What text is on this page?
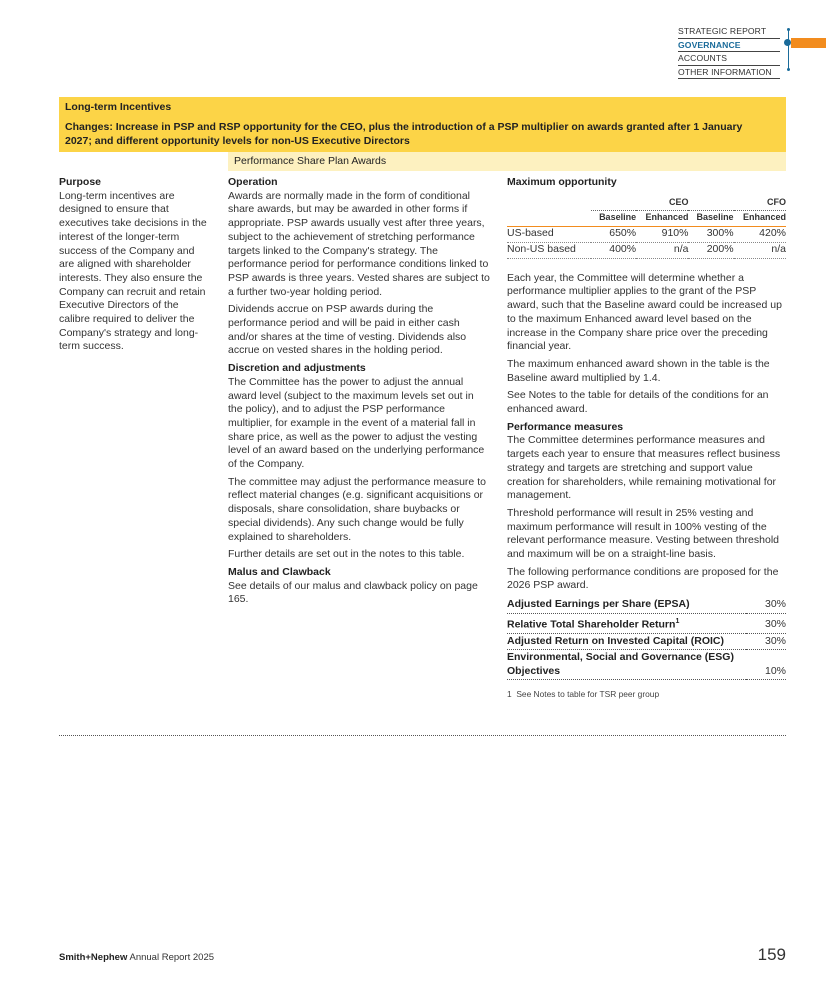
STRATEGIC REPORT
GOVERNANCE
ACCOUNTS
OTHER INFORMATION
Long-term Incentives
Changes: Increase in PSP and RSP opportunity for the CEO, plus the introduction of a PSP multiplier on awards granted after 1 January 2027; and different opportunity levels for non-US Executive Directors
Performance Share Plan Awards
Purpose

Long-term incentives are designed to ensure that executives take decisions in the interest of the longer-term success of the Company and are aligned with shareholder interests. They also ensure the Company can recruit and retain Executive Directors of the calibre required to deliver the Company's strategy and long-term success.

Operation

Awards are normally made in the form of conditional share awards, but may be awarded in other forms if appropriate. PSP awards usually vest after three years, subject to the achievement of stretching performance targets linked to the Company's strategy. The performance period for performance conditions linked to PSP awards is three years. Vested shares are subject to a further two-year holding period.

Dividends accrue on PSP awards during the performance period and will be paid in either cash and/or shares at the time of vesting. Dividends also accrue on vested shares in the holding period.

Discretion and adjustments

The Committee has the power to adjust the annual award level (subject to the maximum levels set out in the policy), and to adjust the PSP performance multiplier, for example in the event of a material fall in share price, as well as the power to adjust the vesting level of an award based on the underlying performance of the Company.

The committee may adjust the performance measure to reflect material changes (e.g. significant acquisitions or disposals, share consolidation, share buybacks or special dividends). Any such change would be fully explained to shareholders.

Further details are set out in the notes to this table.

Malus and Clawback

See details of our malus and clawback policy on page 165.

Maximum opportunity
	CEO		CFO	
	Baseline	Enhanced	Baseline	Enhanced
US-based	650%	910%	300%	420%
Non-US based	400%	n/a	200%	n/a

Each year, the Committee will determine whether a performance multiplier applies to the grant of the PSP award, such that the Baseline award could be increased up to the maximum Enhanced award level based on the increase in the Company share price over the preceding financial year.

The maximum enhanced award shown in the table is the Baseline award multiplied by 1.4.

See Notes to the table for details of the conditions for an enhanced award.

Performance measures

The Committee determines performance measures and targets each year to ensure that measures reflect business strategy and targets are stretching and support value creation for shareholders, while remaining motivational for management.

Threshold performance will result in 25% vesting and maximum performance will result in 100% vesting of the relevant performance measure. Vesting between threshold and maximum will be on a straight-line basis.

The following performance conditions are proposed for the 2026 PSP award.

Adjusted Earnings per Share (EPSA)	30%
Relative Total Shareholder Return$^1$	30%
Adjusted Return on Invested Capital (ROIC)	30%
Environmental, Social and Governance (ESG) Objectives	10%
1 See Notes to table for TSR peer group
Smith+Nephew Annual Report 2025	159
